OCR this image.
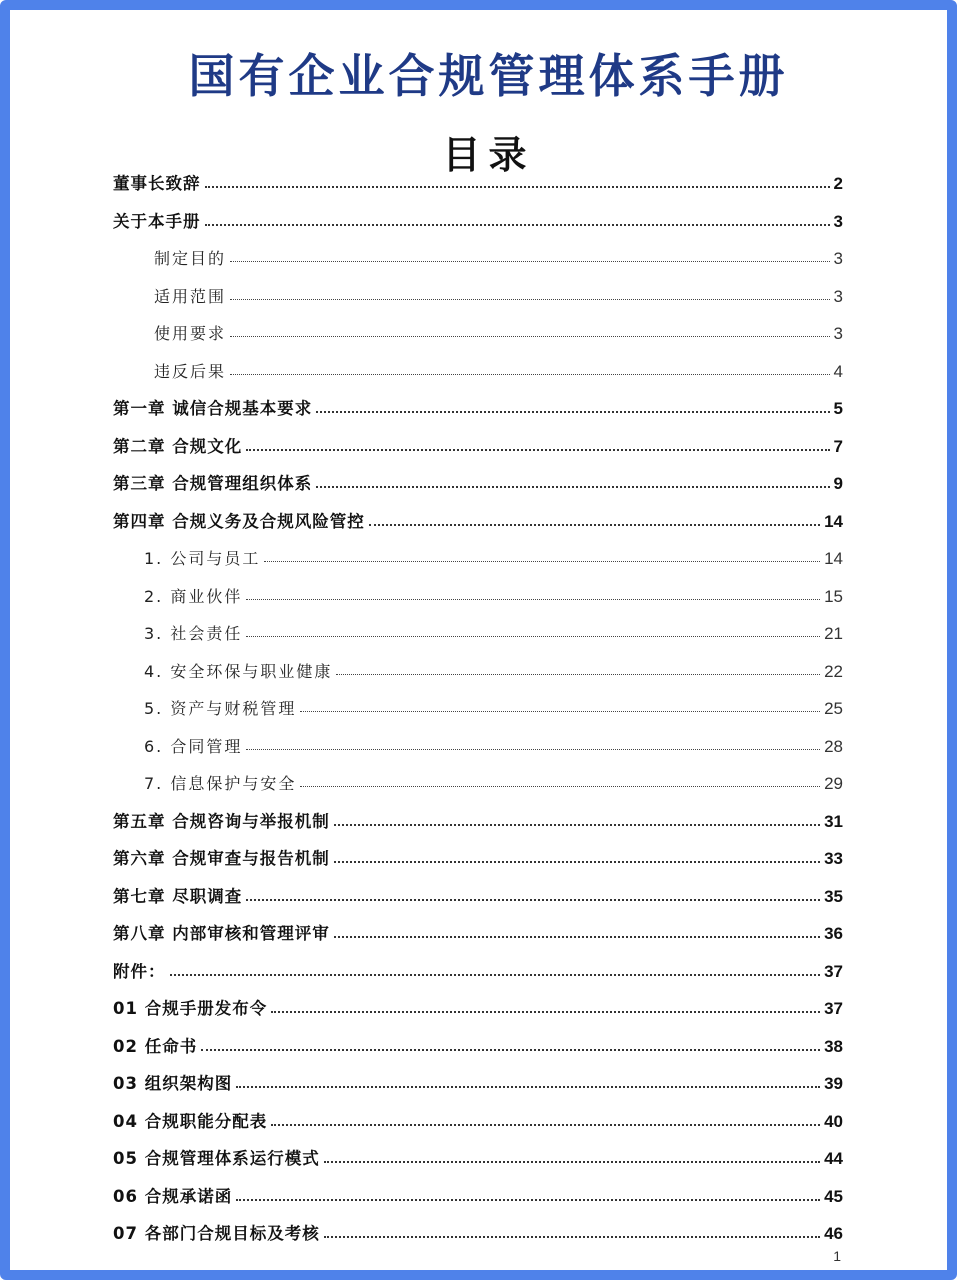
国有企业合规管理体系手册
目录
董事长致辞	2
关于本手册	3
制定目的	3
适用范围	3
使用要求	3
违反后果	4
第一章 诚信合规基本要求	5
第二章 合规文化	7
第三章 合规管理组织体系	9
第四章 合规义务及合规风险管控	14
1. 公司与员工	14
2. 商业伙伴	15
3. 社会责任	21
4. 安全环保与职业健康	22
5. 资产与财税管理	25
6. 合同管理	28
7. 信息保护与安全	29
第五章 合规咨询与举报机制	31
第六章 合规审查与报告机制	33
第七章 尽职调查	35
第八章 内部审核和管理评审	36
附件：	37
01 合规手册发布令	37
02 任命书	38
03 组织架构图	39
04 合规职能分配表	40
05 合规管理体系运行模式	44
06 合规承诺函	45
07 各部门合规目标及考核	46
1
